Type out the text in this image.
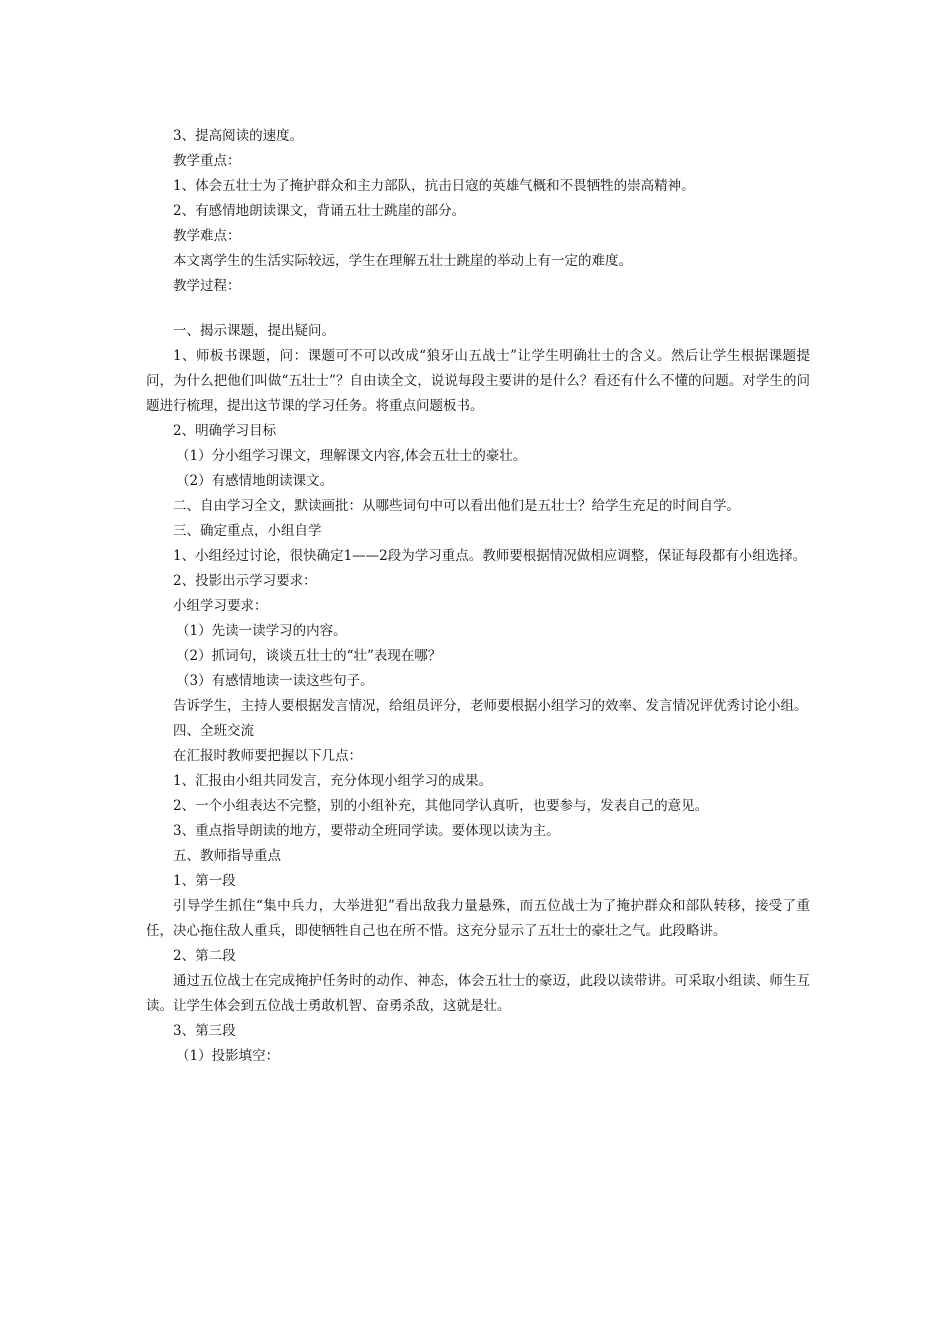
3、提高阅读的速度。

教学重点：

1、体会五壮士为了掩护群众和主力部队，抗击日寇的英雄气概和不畏牺牲的崇高精神。

2、有感情地朗读课文，背诵五壮士跳崖的部分。

教学难点：

本文离学生的生活实际较远，学生在理解五壮士跳崖的举动上有一定的难度。

教学过程：

一、揭示课题，提出疑问。

1、师板书课题，问：课题可不可以改成“狼牙山五战士”让学生明确壮士的含义。然后让学生根据课题提问，为什么把他们叫做“五壮士”？自由读全文，说说每段主要讲的是什么？看还有什么不懂的问题。对学生的问题进行梳理，提出这节课的学习任务。将重点问题板书。

2、明确学习目标

（1）分小组学习课文，理解课文内容,体会五壮士的豪壮。

（2）有感情地朗读课文。

二、自由学习全文，默读画批：从哪些词句中可以看出他们是五壮士？给学生充足的时间自学。

三、确定重点，小组自学

1、小组经过讨论，很快确定1——2段为学习重点。教师要根据情况做相应调整，保证每段都有小组选择。

2、投影出示学习要求：

小组学习要求：

（1）先读一读学习的内容。

（2）抓词句，谈谈五壮士的“壮”表现在哪？

（3）有感情地读一读这些句子。

告诉学生，主持人要根据发言情况，给组员评分，老师要根据小组学习的效率、发言情况评优秀讨论小组。

四、全班交流

在汇报时教师要把握以下几点：

1、汇报由小组共同发言，充分体现小组学习的成果。

2、一个小组表达不完整，别的小组补充，其他同学认真听，也要参与，发表自己的意见。

3、重点指导朗读的地方，要带动全班同学读。要体现以读为主。

五、教师指导重点

1、第一段

引导学生抓住“集中兵力，大举进犯”看出敌我力量悬殊，而五位战士为了掩护群众和部队转移，接受了重任，决心拖住敌人重兵，即使牺牲自己也在所不惜。这充分显示了五壮士的豪壮之气。此段略讲。

2、第二段

通过五位战士在完成掩护任务时的动作、神态，体会五壮士的豪迈，此段以读带讲。可采取小组读、师生互读。让学生体会到五位战士勇敢机智、奋勇杀敌，这就是壮。

3、第三段

（1）投影填空：
